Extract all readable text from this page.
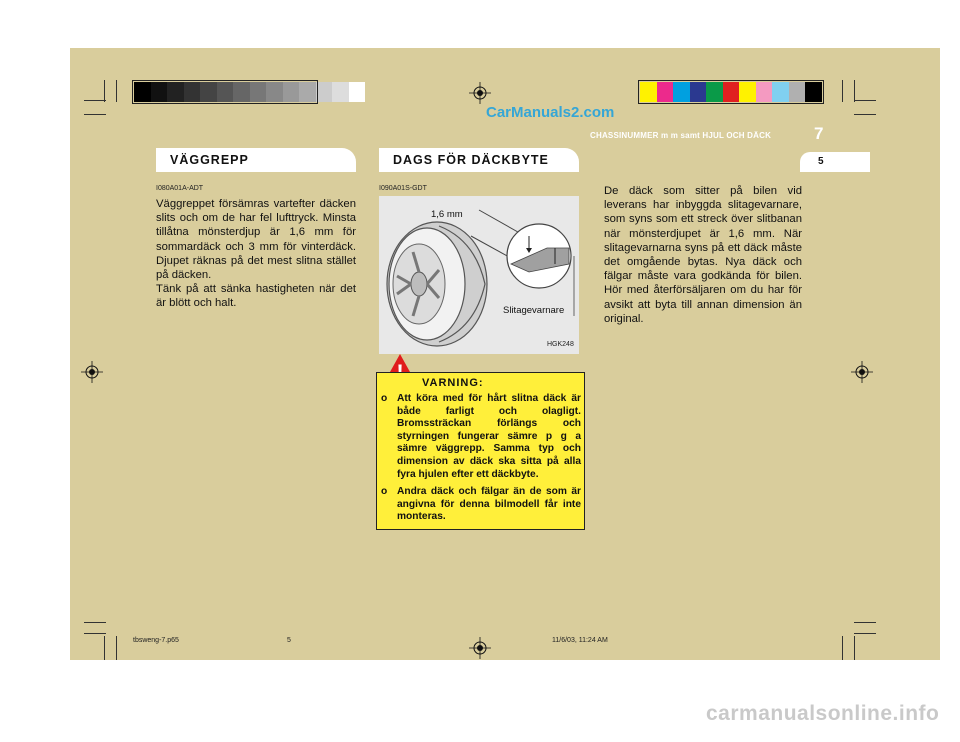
CarManuals2.com
CHASSINUMMER m m samt HJUL OCH DÄCK	7
5
VÄGGREPP
I080A01A-ADT

Väggreppet försämras vartefter däcken slits och om de har fel lufttryck. Minsta tillåtna mönsterdjup är 1,6 mm för sommardäck och 3 mm för vinterdäck. Djupet räknas på det mest slitna stället på däcken.

Tänk på att sänka hastigheten när det är blött och halt.

DAGS FÖR DÄCKBYTE
I090A01S-GDT
1,6 mm
Slitagevarnare
HGK248
VARNING:
o Att köra med för hårt slitna däck är både farligt och olagligt. Bromssträckan förlängs och styrningen fungerar sämre p g a sämre väggrepp. Samma typ och dimension av däck ska sitta på alla fyra hjulen efter ett däckbyte.
o Andra däck och fälgar än de som är angivna för denna bilmodell får inte monteras.

De däck som sitter på bilen vid leverans har inbyggda slitagevarnare, som syns som ett streck över slitbanan när mönsterdjupet är 1,6 mm. När slitagevarnarna syns på ett däck måste det omgående bytas. Nya däck och fälgar måste vara godkända för bilen. Hör med återförsäljaren om du har för avsikt att byta till annan dimension än original.

tbsweng-7.p65	5	11/6/03, 11:24 AM
carmanualsonline.info
